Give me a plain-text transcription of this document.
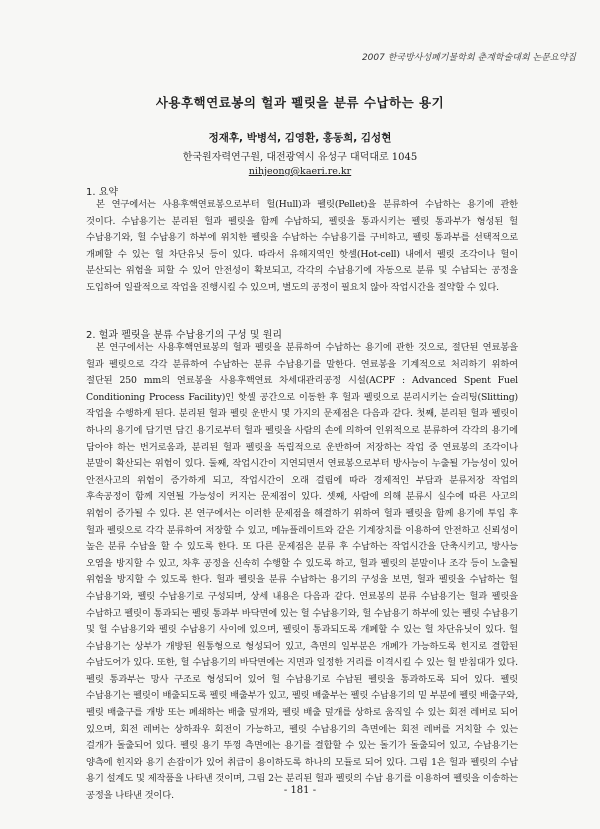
2007 한국방사성폐기물학회 춘계학술대회 논문요약집
사용후핵연료봉의 헐과 펠릿을 분류 수납하는 용기
정재후, 박병석, 김영환, 홍동희, 김성현
한국원자력연구원, 대전광역시 유성구 대덕대로 1045
nihjeong@kaeri.re.kr
1. 요약
본 연구에서는 사용후핵연료봉으로부터 헐(Hull)과 펠릿(Pellet)을 분류하여 수납하는 용기에 관한 것이다. 수납용기는 분리된 헐과 펠릿을 함께 수납하되, 펠릿을 통과시키는 펠릿 통과부가 형성된 헐 수납용기와, 헐 수납용기 하부에 위치한 펠릿을 수납하는 수납용기를 구비하고, 펠릿 통과부를 선택적으로 개폐할 수 있는 헐 차단유닛 등이 있다. 따라서 유해지역인 핫셀(Hot-cell) 내에서 펠릿 조각이나 헐이 분산되는 위험을 피할 수 있어 안전성이 확보되고, 각각의 수납용기에 자동으로 분류 및 수납되는 공정을 도입하여 일괄적으로 작업을 진행시킬 수 있으며, 별도의 공정이 필요치 않아 작업시간을 절약할 수 있다.
2. 헐과 펠릿을 분류 수납용기의 구성 및 원리
본 연구에서는 사용후핵연료봉의 헐과 펠릿을 분류하여 수납하는 용기에 관한 것으로, 절단된 연료봉을 헐과 펠릿으로 각각 분류하여 수납하는 분류 수납용기를 말한다. 연료봉을 기계적으로 처리하기 위하여 절단된 250 mm의 연료봉을 사용후핵연료 차세대관리공정 시설(ACPF : Advanced Spent Fuel Conditioning Process Facility)인 핫셀 공간으로 이동한 후 헐과 펠릿으로 분리시키는 슬리팅(Slitting) 작업을 수행하게 된다. 분리된 헐과 펠릿 운반시 몇 가지의 문제점은 다음과 같다. 첫째, 분리된 헐과 펠릿이 하나의 용기에 담기면 담긴 용기로부터 헐과 펠릿을 사람의 손에 의하여 인위적으로 분류하여 각각의 용기에 담아야 하는 번거로움과, 분리된 헐과 펠릿을 독립적으로 운반하여 저장하는 작업 중 연료봉의 조각이나 분말이 확산되는 위험이 있다. 둘째, 작업시간이 지연되면서 연료봉으로부터 방사능이 누출될 가능성이 있어 안전사고의 위험이 증가하게 되고, 작업시간이 오래 걸림에 따라 경제적인 부담과 분류저장 작업의 후속공정이 함께 지연될 가능성이 커지는 문제점이 있다. 셋째, 사람에 의해 분류시 실수에 따른 사고의 위험이 증가될 수 있다. 본 연구에서는 이러한 문제점을 해결하기 위하여 헐과 펠릿을 함께 용기에 투입 후 헐과 펠릿으로 각각 분류하여 저장할 수 있고, 메뉴플레이트와 같은 기계장치를 이용하여 안전하고 신뢰성이 높은 분류 수납을 할 수 있도록 한다. 또 다른 문제점은 분류 후 수납하는 작업시간을 단축시키고, 방사능 오염을 방지할 수 있고, 차후 공정을 신속히 수행할 수 있도록 하고, 헐과 펠릿의 분말이나 조각 등이 노출될 위험을 방지할 수 있도록 한다. 헐과 펠릿을 분류 수납하는 용기의 구성을 보면, 헐과 펠릿을 수납하는 헐 수납용기와, 펠릿 수납용기로 구성되며, 상세 내용은 다음과 같다. 연료봉의 분류 수납용기는 헐과 펠릿을 수납하고 펠릿이 통과되는 펠릿 통과부 바닥면에 있는 헐 수납용기와, 헐 수납용기 하부에 있는 펠릿 수납용기 및 헐 수납용기와 펠릿 수납용기 사이에 있으며, 펠릿이 통과되도록 개폐할 수 있는 헐 차단유닛이 있다. 헐 수납용기는 상부가 개방된 원통형으로 형성되어 있고, 측면의 일부분은 개폐가 가능하도록 힌지로 결합된 수납도어가 있다. 또한, 헐 수납용기의 바닥면에는 지면과 일정한 거리를 이격시킬 수 있는 헐 받침대가 있다. 펠릿 통과부는 망사 구조로 형성되어 있어 헐 수납용기로 수납된 펠릿을 통과하도록 되어 있다. 펠릿 수납용기는 펠릿이 배출되도록 펠릿 배출부가 있고, 펠릿 배출부는 펠릿 수납용기의 밑 부분에 펠릿 배출구와, 펠릿 배출구를 개방 또는 폐쇄하는 배출 덮개와, 펠릿 배출 덮개를 상하로 움직일 수 있는 회전 레버로 되어 있으며, 회전 레버는 상하좌우 회전이 가능하고, 펠릿 수납용기의 측면에는 회전 레버를 거치할 수 있는 걸개가 돌출되어 있다. 펠릿 용기 뚜껑 측면에는 용기를 결합할 수 있는 돌기가 돌출되어 있고, 수납용기는 양측에 힌지와 용기 손잡이가 있어 취급이 용이하도록 하나의 모듈로 되어 있다. 그림 1은 헐과 펠릿의 수납 용기 설계도 및 제작품을 나타낸 것이며, 그림 2는 분리된 헐과 펠릿의 수납 용기를 이용하여 펠릿을 이송하는 공정을 나타낸 것이다.	- 181 -
